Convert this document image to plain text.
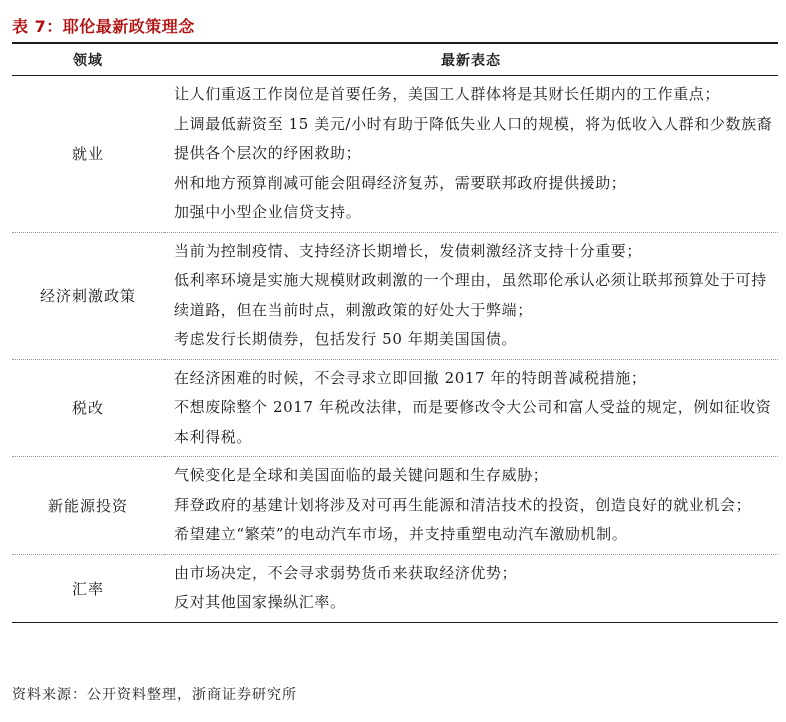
表 7：耶伦最新政策理念
领域	最新表态
就业	让人们重返工作岗位是首要任务，美国工人群体将是其财长任期内的工作重点；
上调最低薪资至 15 美元/小时有助于降低失业人口的规模，将为低收入人群和少数族裔提供各个层次的纾困救助；
州和地方预算削减可能会阻碍经济复苏，需要联邦政府提供援助；
加强中小型企业信贷支持。

经济刺激政策	当前为控制疫情、支持经济长期增长，发债刺激经济支持十分重要；
低利率环境是实施大规模财政刺激的一个理由，虽然耶伦承认必须让联邦预算处于可持续道路，但在当前时点，刺激政策的好处大于弊端；
考虑发行长期债券，包括发行 50 年期美国国债。

税改	在经济困难的时候，不会寻求立即回撤 2017 年的特朗普减税措施；
不想废除整个 2017 年税改法律，而是要修改令大公司和富人受益的规定，例如征收资本利得税。

新能源投资	气候变化是全球和美国面临的最关键问题和生存威胁；
拜登政府的基建计划将涉及对可再生能源和清洁技术的投资，创造良好的就业机会；
希望建立“繁荣”的电动汽车市场，并支持重塑电动汽车激励机制。

汇率	由市场决定，不会寻求弱势货币来获取经济优势；
反对其他国家操纵汇率。
资料来源：公开资料整理，浙商证券研究所
